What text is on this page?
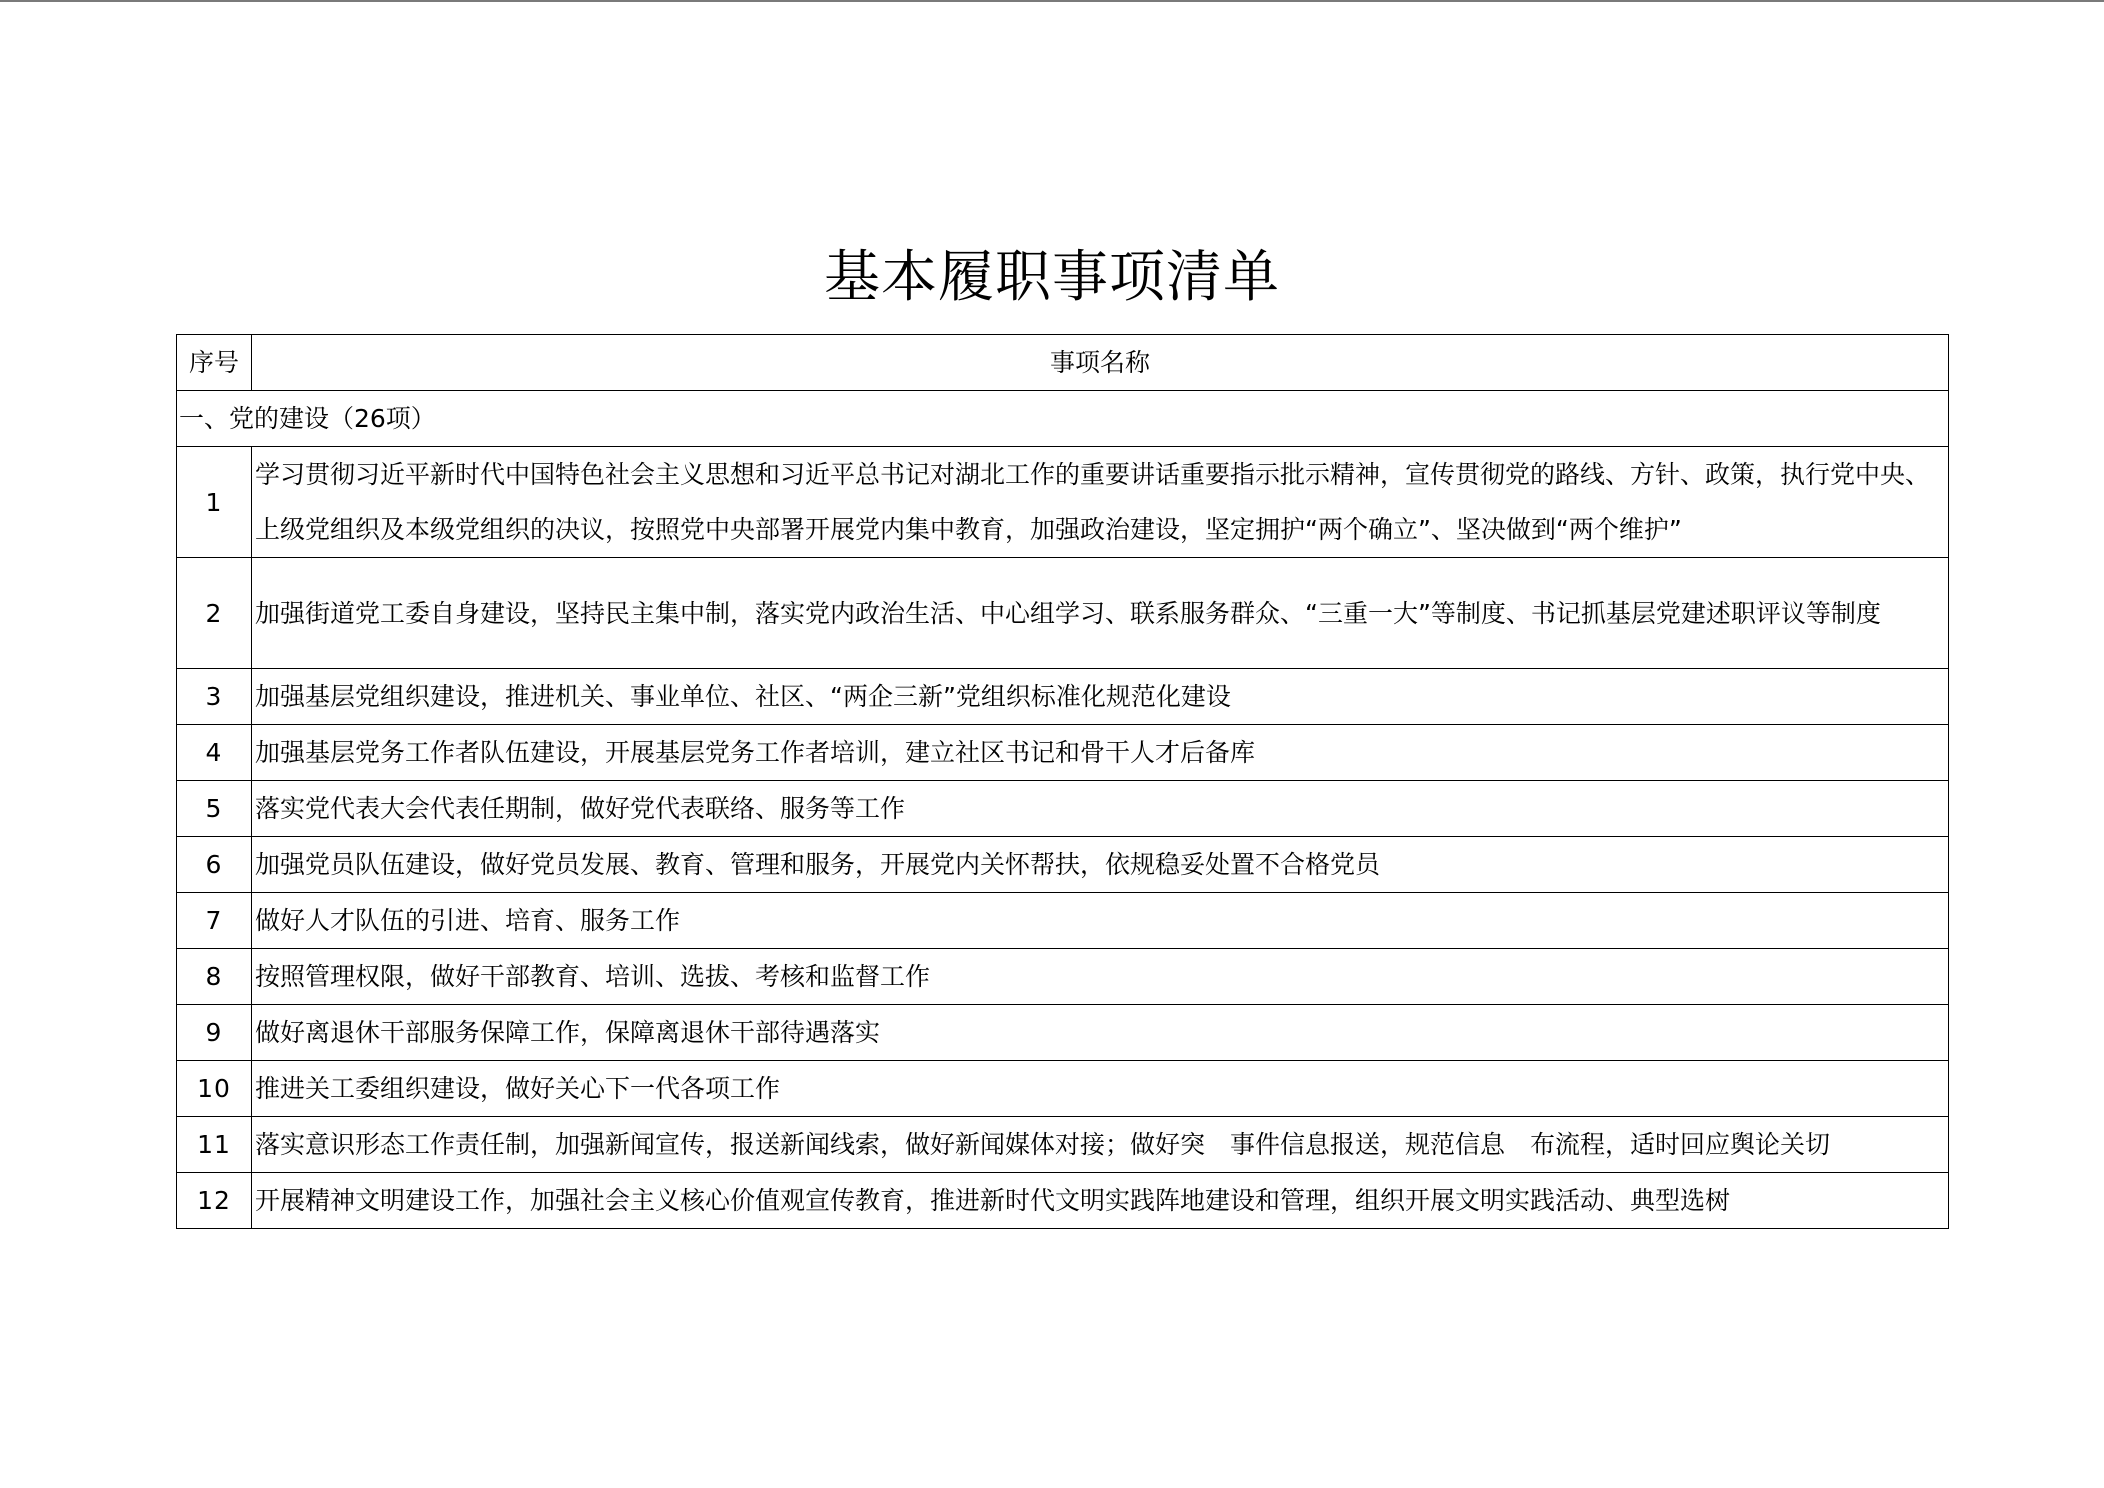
基本履职事项清单
序号	事项名称
一、党的建设（26项）	
1	学习贯彻习近平新时代中国特色社会主义思想和习近平总书记对湖北工作的重要讲话重要指示批示精神，宣传贯彻党的路线、方针、政策，执行党中央、上级党组织及本级党组织的决议，按照党中央部署开展党内集中教育，加强政治建设，坚定拥护“两个确立”、坚决做到“两个维护”
2	加强街道党工委自身建设，坚持民主集中制，落实党内政治生活、中心组学习、联系服务群众、“三重一大”等制度、书记抓基层党建述职评议等制度
3	加强基层党组织建设，推进机关、事业单位、社区、“两企三新”党组织标准化规范化建设
4	加强基层党务工作者队伍建设，开展基层党务工作者培训，建立社区书记和骨干人才后备库
5	落实党代表大会代表任期制，做好党代表联络、服务等工作
6	加强党员队伍建设，做好党员发展、教育、管理和服务，开展党内关怀帮扶，依规稳妥处置不合格党员
7	做好人才队伍的引进、培育、服务工作
8	按照管理权限，做好干部教育、培训、选拔、考核和监督工作
9	做好离退休干部服务保障工作，保障离退休干部待遇落实
10	推进关工委组织建设，做好关心下一代各项工作
11	落实意识形态工作责任制，加强新闻宣传，报送新闻线索，做好新闻媒体对接；做好突　事件信息报送，规范信息　布流程，适时回应舆论关切
12	开展精神文明建设工作，加强社会主义核心价值观宣传教育，推进新时代文明实践阵地建设和管理，组织开展文明实践活动、典型选树
